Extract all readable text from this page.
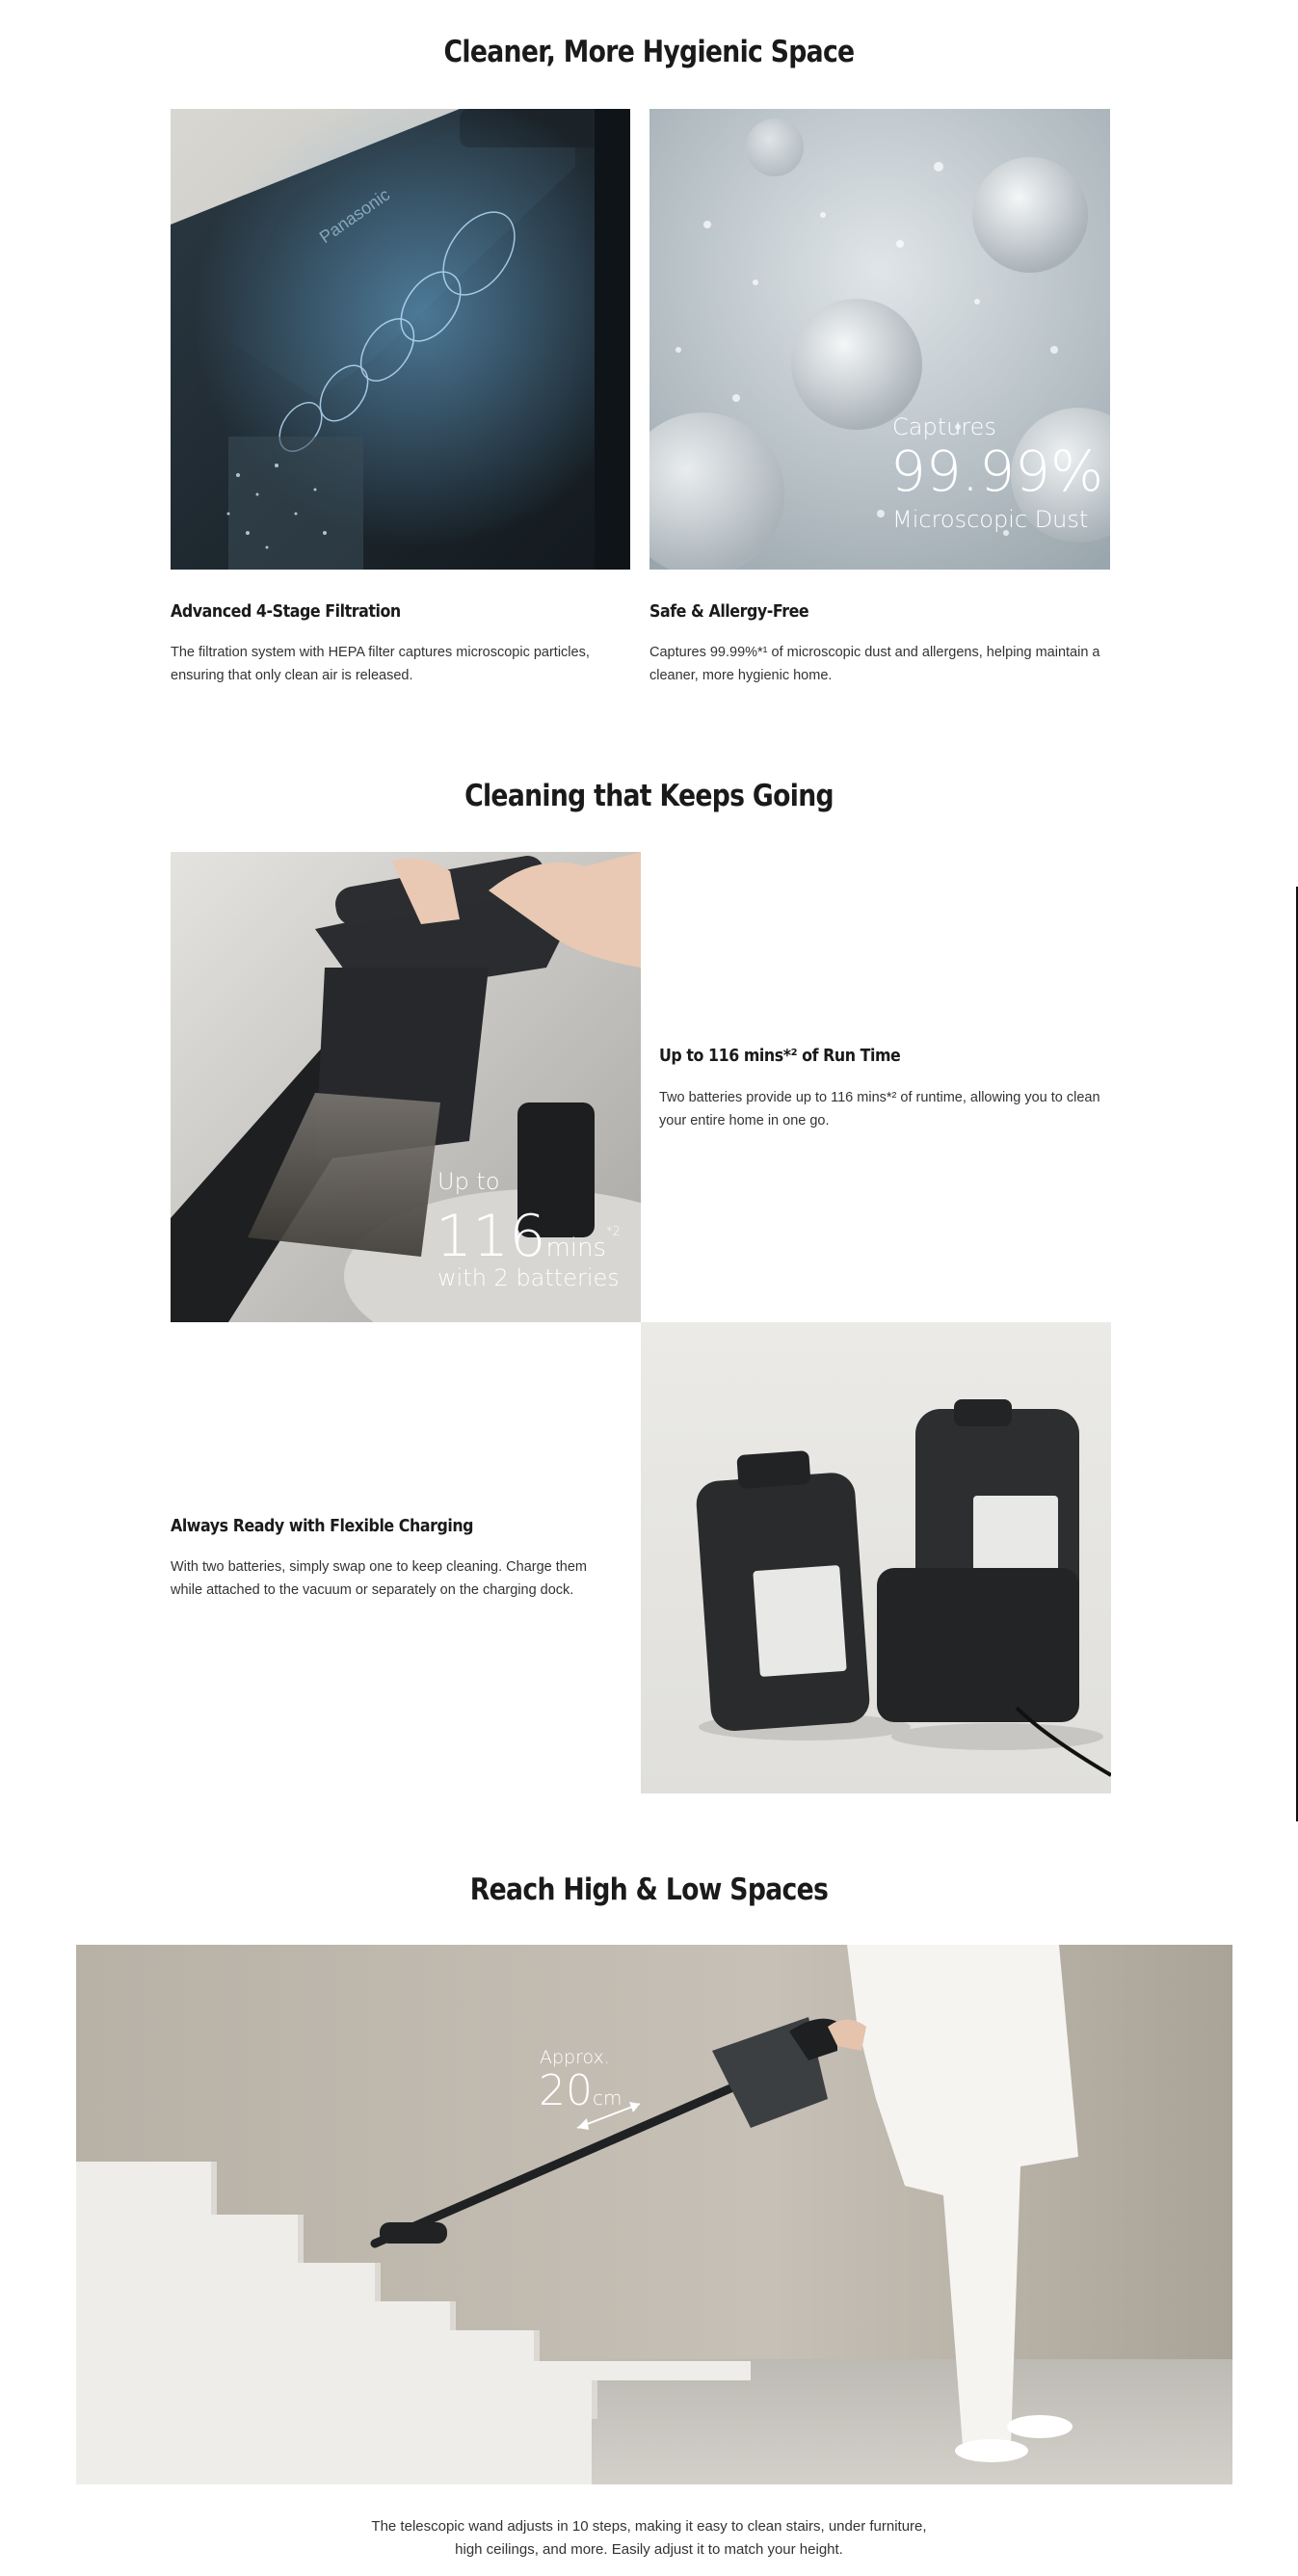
Cleaner, More Hygienic Space
Captures
99.99%
Microscopic Dust
Advanced 4-Stage Filtration

The filtration system with HEPA filter captures microscopic particles, ensuring that only clean air is released.

Safe & Allergy-Free

Captures 99.99%*¹ of microscopic dust and allergens, helping maintain a cleaner, more hygienic home.

Cleaning that Keeps Going
Up to
116mins$^{*2}$
with 2 batteries
Up to 116 mins*² of Run Time

Two batteries provide up to 116 mins*² of runtime, allowing you to clean your entire home in one go.

Always Ready with Flexible Charging

With two batteries, simply swap one to keep cleaning. Charge them while attached to the vacuum or separately on the charging dock.

Reach High & Low Spaces
Approx.
20cm

The telescopic wand adjusts in 10 steps, making it easy to clean stairs, under furniture, high ceilings, and more. Easily adjust it to match your height.
